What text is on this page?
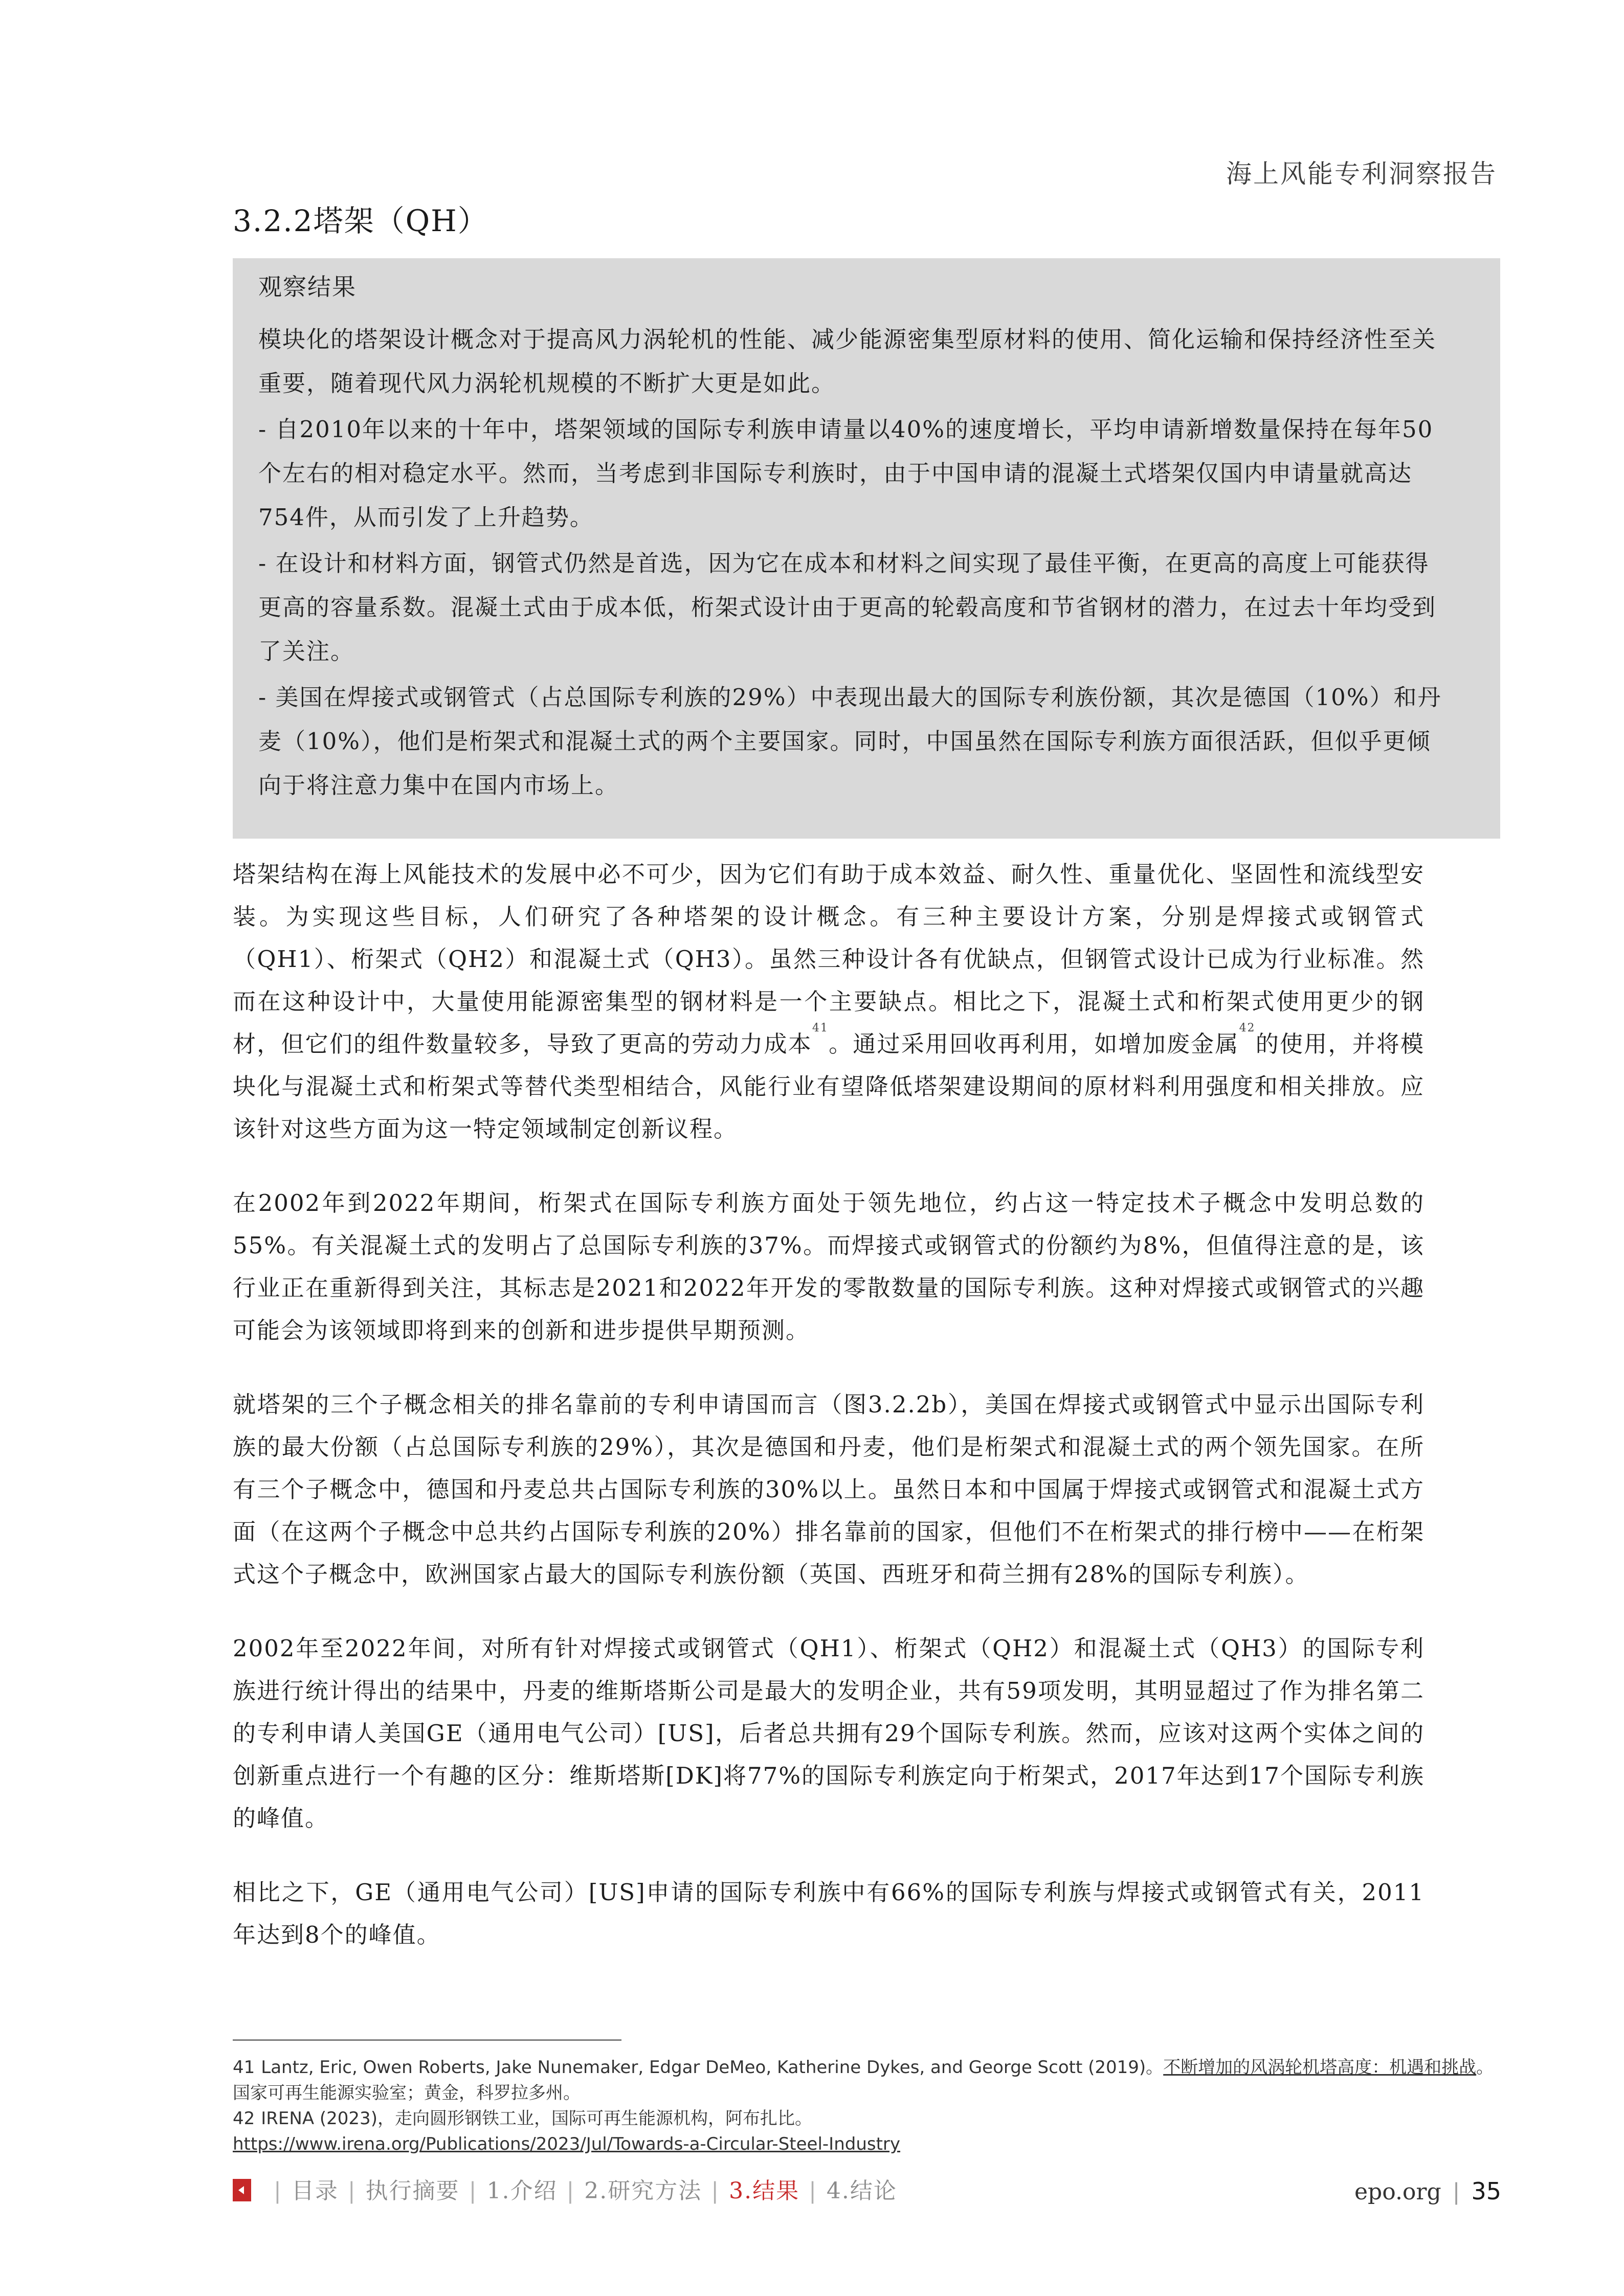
海上风能专利洞察报告
3.2.2塔架（QH）
观察结果

模块化的塔架设计概念对于提高风力涡轮机的性能、减少能源密集型原材料的使用、简化运输和保持经济性至关重要，随着现代风力涡轮机规模的不断扩大更是如此。

- 自2010年以来的十年中，塔架领域的国际专利族申请量以40%的速度增长，平均申请新增数量保持在每年50个左右的相对稳定水平。然而，当考虑到非国际专利族时，由于中国申请的混凝土式塔架仅国内申请量就高达754件，从而引发了上升趋势。

- 在设计和材料方面，钢管式仍然是首选，因为它在成本和材料之间实现了最佳平衡，在更高的高度上可能获得更高的容量系数。混凝土式由于成本低，桁架式设计由于更高的轮毂高度和节省钢材的潜力，在过去十年均受到了关注。

- 美国在焊接式或钢管式（占总国际专利族的29%）中表现出最大的国际专利族份额，其次是德国（10%）和丹麦（10%），他们是桁架式和混凝土式的两个主要国家。同时，中国虽然在国际专利族方面很活跃，但似乎更倾向于将注意力集中在国内市场上。

塔架结构在海上风能技术的发展中必不可少，因为它们有助于成本效益、耐久性、重量优化、坚固性和流线型安装。为实现这些目标，人们研究了各种塔架的设计概念。有三种主要设计方案，分别是焊接式或钢管式（QH1）、桁架式（QH2）和混凝土式（QH3）。虽然三种设计各有优缺点，但钢管式设计已成为行业标准。然而在这种设计中，大量使用能源密集型的钢材料是一个主要缺点。相比之下，混凝土式和桁架式使用更少的钢材，但它们的组件数量较多，导致了更高的劳动力成本$^{41}$。通过采用回收再利用，如增加废金属$^{42}$的使用，并将模块化与混凝土式和桁架式等替代类型相结合，风能行业有望降低塔架建设期间的原材料利用强度和相关排放。应该针对这些方面为这一特定领域制定创新议程。

在2002年到2022年期间，桁架式在国际专利族方面处于领先地位，约占这一特定技术子概念中发明总数的55%。有关混凝土式的发明占了总国际专利族的37%。而焊接式或钢管式的份额约为8%，但值得注意的是，该行业正在重新得到关注，其标志是2021和2022年开发的零散数量的国际专利族。这种对焊接式或钢管式的兴趣可能会为该领域即将到来的创新和进步提供早期预测。

就塔架的三个子概念相关的排名靠前的专利申请国而言（图3.2.2b），美国在焊接式或钢管式中显示出国际专利族的最大份额（占总国际专利族的29%），其次是德国和丹麦，他们是桁架式和混凝土式的两个领先国家。在所有三个子概念中，德国和丹麦总共占国际专利族的30%以上。虽然日本和中国属于焊接式或钢管式和混凝土式方面（在这两个子概念中总共约占国际专利族的20%）排名靠前的国家，但他们不在桁架式的排行榜中——在桁架式这个子概念中，欧洲国家占最大的国际专利族份额（英国、西班牙和荷兰拥有28%的国际专利族）。

2002年至2022年间，对所有针对焊接式或钢管式（QH1）、桁架式（QH2）和混凝土式（QH3）的国际专利族进行统计得出的结果中，丹麦的维斯塔斯公司是最大的发明企业，共有59项发明，其明显超过了作为排名第二的专利申请人美国GE（通用电气公司）[US]，后者总共拥有29个国际专利族。然而，应该对这两个实体之间的创新重点进行一个有趣的区分：维斯塔斯[DK]将77%的国际专利族定向于桁架式，2017年达到17个国际专利族的峰值。

相比之下，GE（通用电气公司）[US]申请的国际专利族中有66%的国际专利族与焊接式或钢管式有关，2011年达到8个的峰值。

41 Lantz, Eric, Owen Roberts, Jake Nunemaker, Edgar DeMeo, Katherine Dykes, and George Scott (2019)。不断增加的风涡轮机塔高度：机遇和挑战。
国家可再生能源实验室；黄金，科罗拉多州。
42 IRENA (2023)，走向圆形钢铁工业，国际可再生能源机构，阿布扎比。
https://www.irena.org/Publications/2023/Jul/Towards-a-Circular-Steel-Industry
| 目录 | 执行摘要 | 1.介绍 | 2.研究方法 | 3.结果 | 4.结论	epo.org | 35
